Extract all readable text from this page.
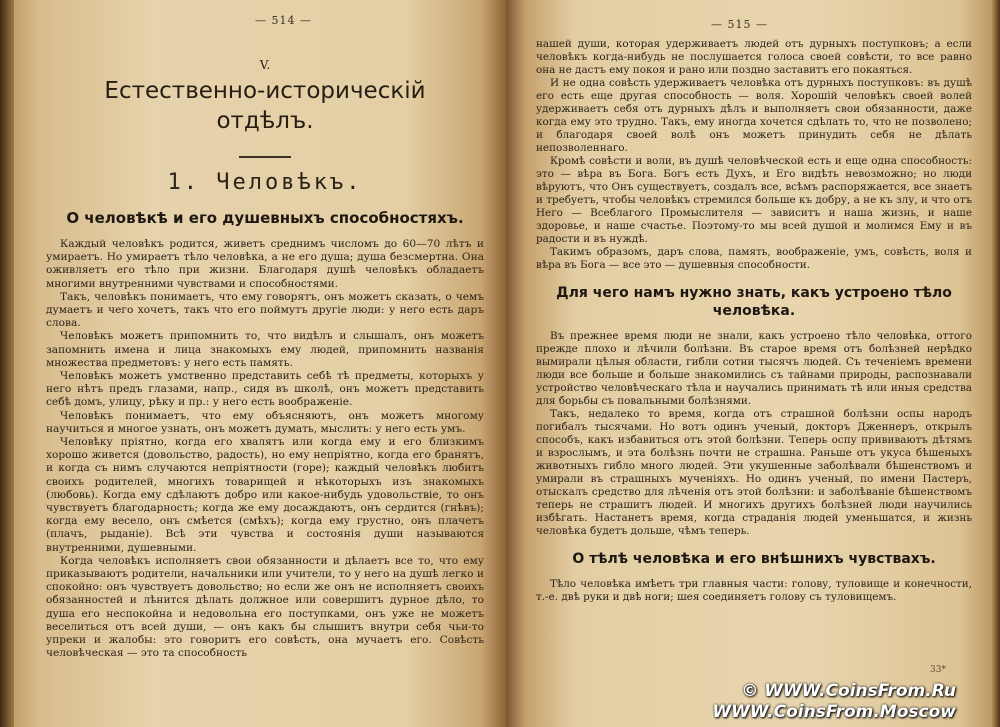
— 514 —
V.
Естественно-историческiй
отдѣлъ.
1. Человѣкъ.
О человѣкѣ и его душевныхъ способностяхъ.

Каждый человѣкъ родится, живетъ среднимъ числомъ до 60—70 лѣтъ и умираетъ. Но умираетъ тѣло человѣка, а не его душа; душа безсмертна. Она оживляетъ его тѣло при жизни. Благодаря душѣ человѣкъ обладаетъ многими внутренними чувствами и способностями.

Такъ, человѣкъ понимаетъ, что ему говорятъ, онъ можетъ сказать, о чемъ думаетъ и чего хочетъ, такъ что его поймутъ другiе люди: у него есть даръ слова.

Человѣкъ можетъ припомнить то, что видѣлъ и слышалъ, онъ можетъ запомнить имена и лица знакомыхъ ему людей, припомнить названiя множества предметовъ: у него есть память.

Человѣкъ можетъ умственно представить себѣ тѣ предметы, которыхъ у него нѣтъ предъ глазами, напр., сидя въ школѣ, онъ можетъ представить себѣ домъ, улицу, рѣку и пр.: у него есть воображенiе.

Человѣкъ понимаетъ, что ему объясняютъ, онъ можетъ многому научиться и многое узнать, онъ можетъ думать, мыслить: у него есть умъ.

Человѣку прiятно, когда его хвалятъ или когда ему и его близкимъ хорошо живется (довольство, радость), но ему непрiятно, когда его бранятъ, и когда съ нимъ случаются непрiятности (горе); каждый человѣкъ любитъ своихъ родителей, многихъ товарищей и нѣкоторыхъ изъ знакомыхъ (любовь). Когда ему сдѣлаютъ добро или какое-нибудь удовольствiе, то онъ чувствуетъ благодарность; когда же ему досаждаютъ, онъ сердится (гнѣвъ); когда ему весело, онъ смѣется (смѣхъ); когда ему грустно, онъ плачетъ (плачъ, рыданiе). Всѣ эти чувства и состоянiя души называются внутренними, душевными.

Когда человѣкъ исполняетъ свои обязанности и дѣлаетъ все то, что ему приказываютъ родители, начальники или учители, то у него на душѣ легко и спокойно: онъ чувствуетъ довольство; но если же онъ не исполняетъ своихъ обязанностей и лѣнится дѣлать должное или совершитъ дурное дѣло, то душа его неспокойна и недовольна его поступками, онъ уже не можетъ веселиться отъ всей души, — онъ какъ бы слышитъ внутри себя чьи-то упреки и жалобы: это говоритъ его совѣсть, она мучаетъ его. Совѣсть человѣческая — это та способность

— 515 —

нашей души, которая удерживаетъ людей отъ дурныхъ поступковъ; а если человѣкъ когда-нибудь не послушается голоса своей совѣсти, то все равно она не дастъ ему покоя и рано или поздно заставитъ его покаяться.

И не одна совѣсть удерживаетъ человѣка отъ дурныхъ поступковъ: въ душѣ его есть еще другая способность — воля. Хорошiй человѣкъ своей волей удерживаетъ себя отъ дурныхъ дѣлъ и выполняетъ свои обязанности, даже когда ему это трудно. Такъ, ему иногда хочется сдѣлать то, что не позволено; и благодаря своей волѣ онъ можетъ принудить себя не дѣлать непозволеннаго.

Кромѣ совѣсти и воли, въ душѣ человѣческой есть и еще одна способность: это — вѣра въ Бога. Богъ есть Духъ, и Его видѣть невозможно; но люди вѣруютъ, что Онъ существуетъ, создалъ все, всѣмъ распоряжается, все знаетъ и требуетъ, чтобы человѣкъ стремился больше къ добру, а не къ злу, и что отъ Него — Всеблагого Промыслителя — зависитъ и наша жизнь, и наше здоровье, и наше счастье. Поэтому-то мы всей душой и молимся Ему и въ радости и въ нуждѣ.

Такимъ образомъ, даръ слова, память, воображенiе, умъ, совѣсть, воля и вѣра въ Бога — все это — душевныя способности.

Для чего намъ нужно знать, какъ устроено тѣло человѣка.

Въ прежнее время люди не знали, какъ устроено тѣло человѣка, оттого прежде плохо и лѣчили болѣзни. Въ старое время отъ болѣзней нерѣдко вымирали цѣлыя области, гибли сотни тысячъ людей. Съ теченiемъ времени люди все больше и больше знакомились съ тайнами природы, распознавали устройство человѣческаго тѣла и научались принимать тѣ или иныя средства для борьбы съ повальными болѣзнями.

Такъ, недалеко то время, когда отъ страшной болѣзни оспы народъ погибалъ тысячами. Но вотъ одинъ ученый, докторъ Дженнеръ, открылъ способъ, какъ избавиться отъ этой болѣзни. Теперь оспу прививаютъ дѣтямъ и взрослымъ, и эта болѣзнь почти не страшна. Раньше отъ укуса бѣшеныхъ животныхъ гибло много людей. Эти укушенные заболѣвали бѣшенствомъ и умирали въ страшныхъ мученiяхъ. Но одинъ ученый, по имени Пастеръ, отыскалъ средство для лѣченiя отъ этой болѣзни: и заболѣванiе бѣшенствомъ теперь не страшитъ людей. И многихъ другихъ болѣзней люди научились избѣгать. Настанетъ время, когда страданiя людей уменьшатся, и жизнь человѣка будетъ дольше, чѣмъ теперь.

О тѣлѣ человѣка и его внѣшнихъ чувствахъ.

Тѣло человѣка имѣетъ три главныя части: голову, туловище и конечности, т.-е. двѣ руки и двѣ ноги; шея соединяетъ голову съ туловищемъ.

33*
© WWW.CoinsFrom.Ru
WWW.CoinsFrom.Moscow
